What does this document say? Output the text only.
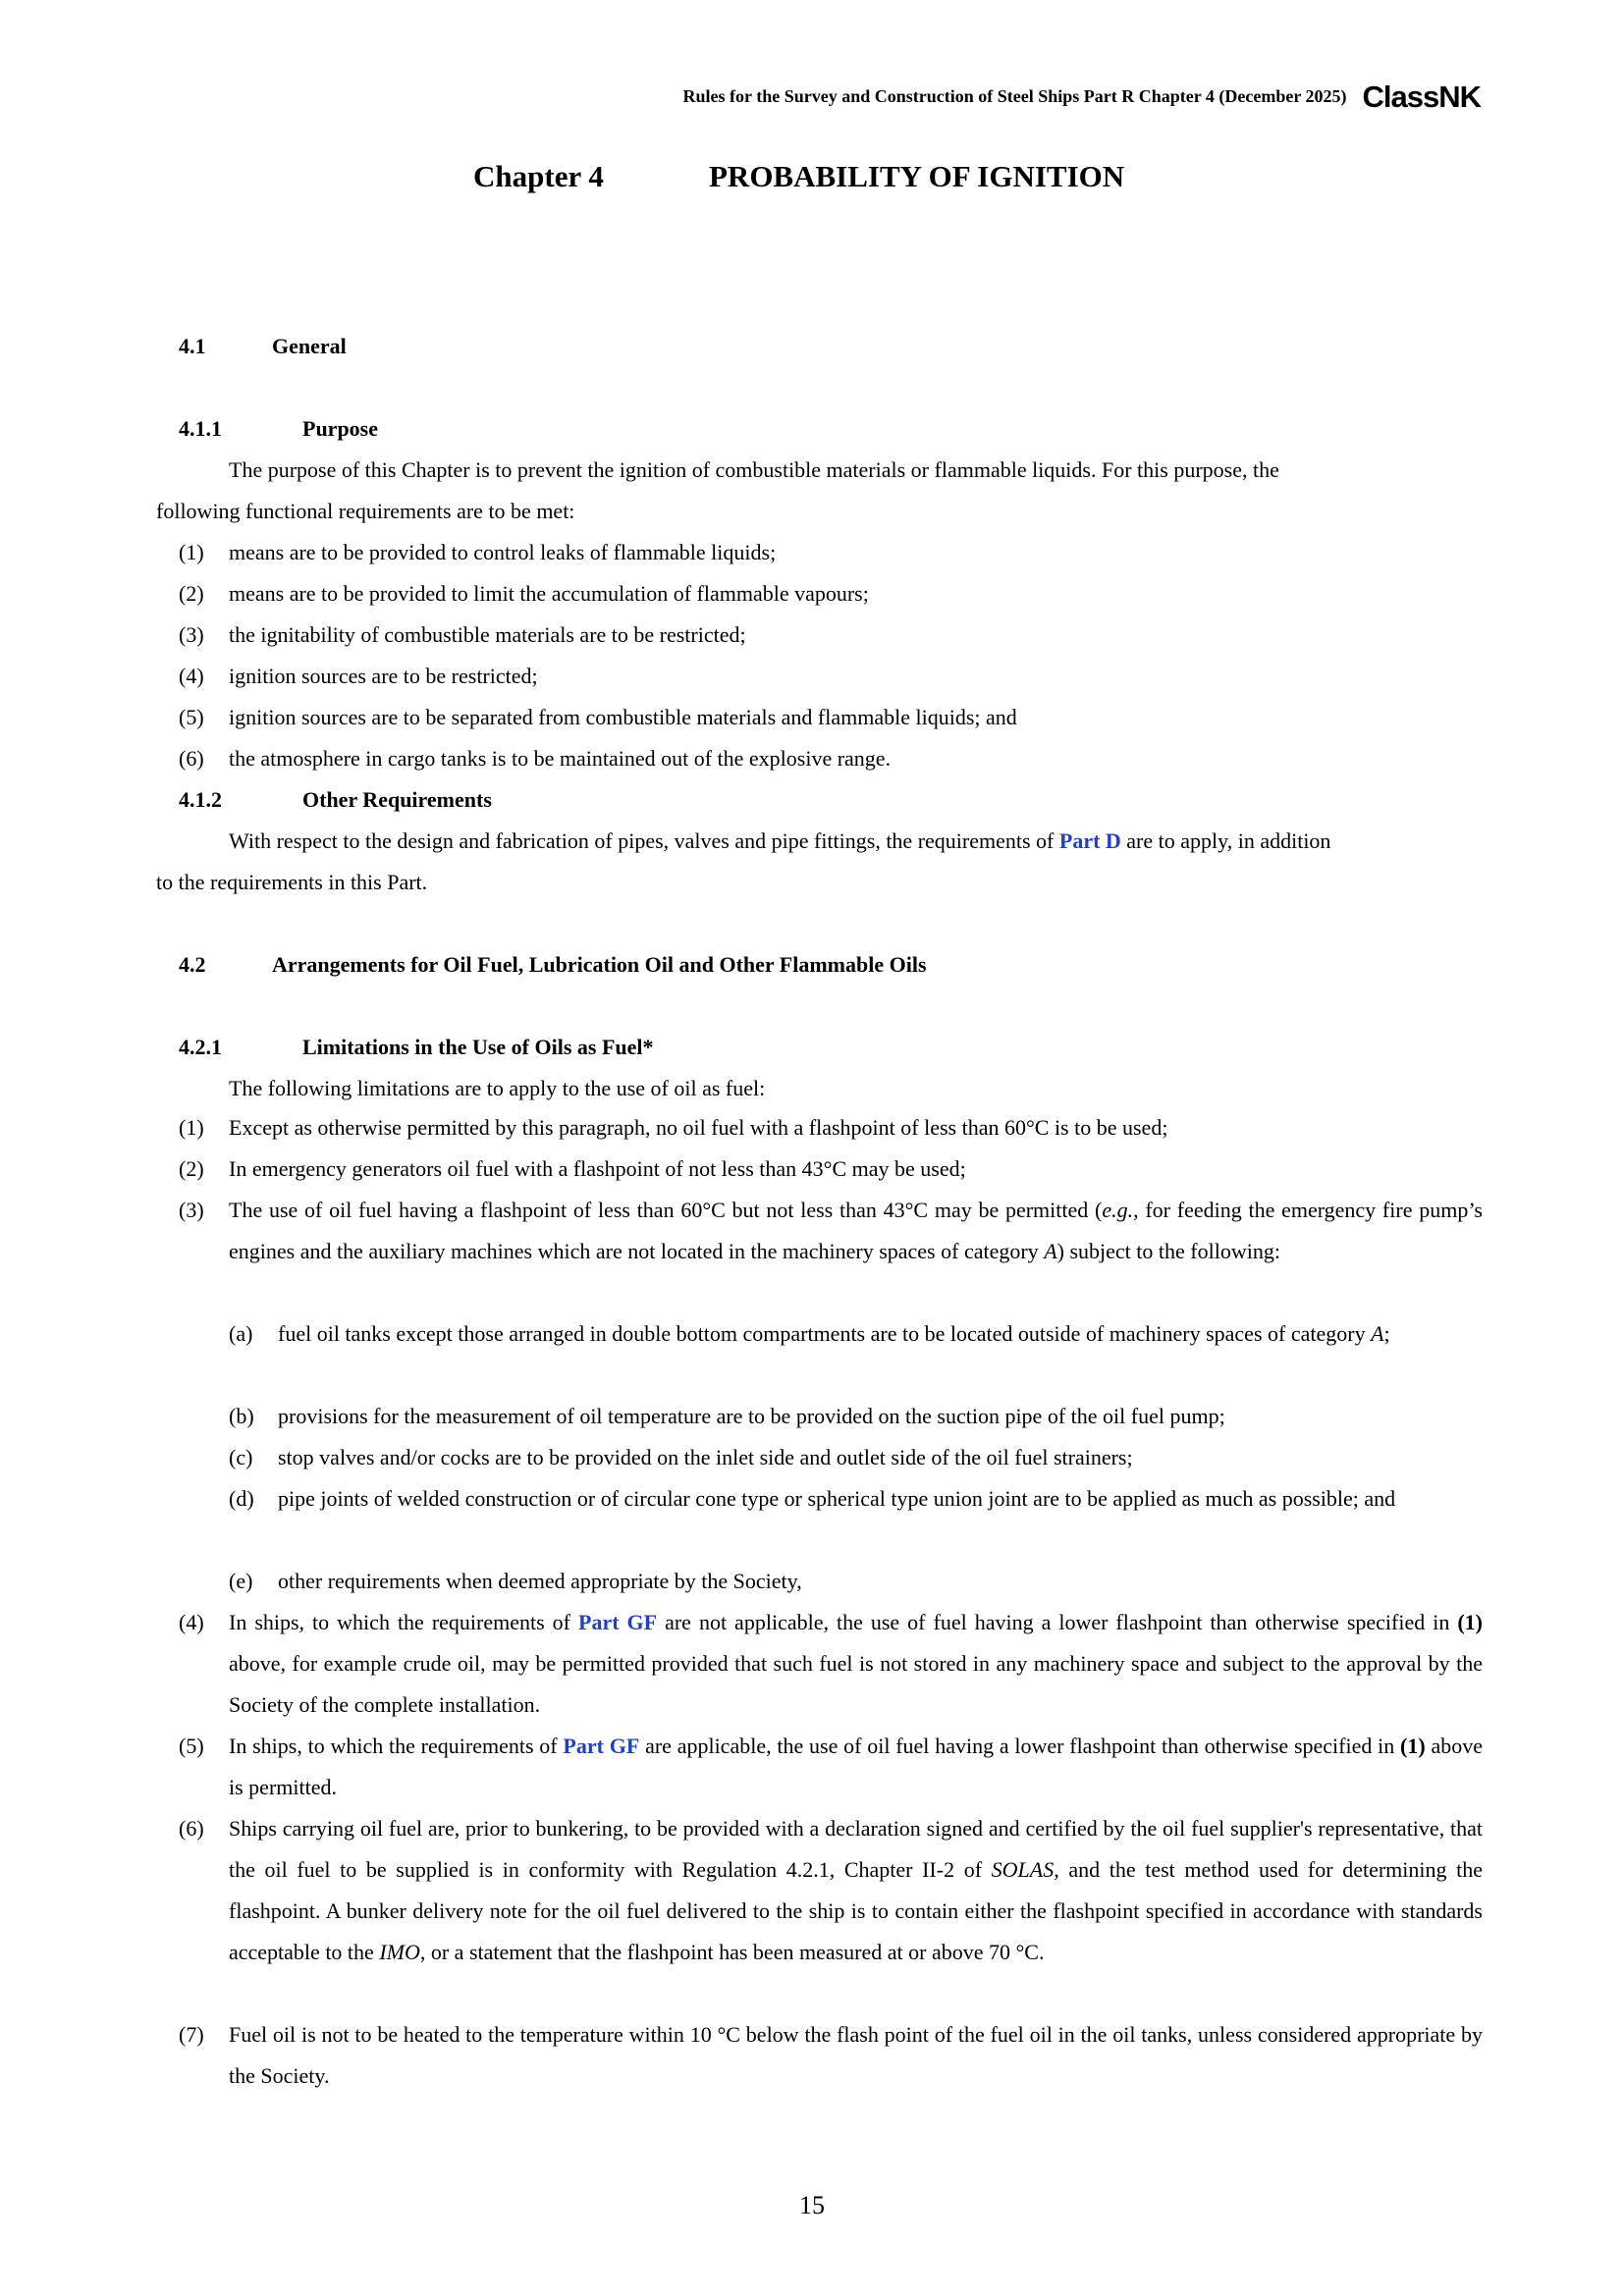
Rules for the Survey and Construction of Steel Ships Part R Chapter 4 (December 2025) ClassNK
Chapter 4	PROBABILITY OF IGNITION
4.1	General
4.1.1	Purpose
The purpose of this Chapter is to prevent the ignition of combustible materials or flammable liquids. For this purpose, the
following functional requirements are to be met:
(1) means are to be provided to control leaks of flammable liquids;
(2) means are to be provided to limit the accumulation of flammable vapours;
(3) the ignitability of combustible materials are to be restricted;
(4) ignition sources are to be restricted;
(5) ignition sources are to be separated from combustible materials and flammable liquids; and
(6) the atmosphere in cargo tanks is to be maintained out of the explosive range.
4.1.2	Other Requirements
With respect to the design and fabrication of pipes, valves and pipe fittings, the requirements of Part D are to apply, in addition
to the requirements in this Part.
4.2	Arrangements for Oil Fuel, Lubrication Oil and Other Flammable Oils
4.2.1	Limitations in the Use of Oils as Fuel*
The following limitations are to apply to the use of oil as fuel:
(1) Except as otherwise permitted by this paragraph, no oil fuel with a flashpoint of less than 60°C is to be used;
(2) In emergency generators oil fuel with a flashpoint of not less than 43°C may be used;
(3) The use of oil fuel having a flashpoint of less than 60°C but not less than 43°C may be permitted (e.g., for feeding the emergency fire pump’s engines and the auxiliary machines which are not located in the machinery spaces of category A) subject to the following:
(a) fuel oil tanks except those arranged in double bottom compartments are to be located outside of machinery spaces of category A;
(b) provisions for the measurement of oil temperature are to be provided on the suction pipe of the oil fuel pump;
(c) stop valves and/or cocks are to be provided on the inlet side and outlet side of the oil fuel strainers;
(d) pipe joints of welded construction or of circular cone type or spherical type union joint are to be applied as much as possible; and
(e) other requirements when deemed appropriate by the Society,
(4) In ships, to which the requirements of Part GF are not applicable, the use of fuel having a lower flashpoint than otherwise specified in (1) above, for example crude oil, may be permitted provided that such fuel is not stored in any machinery space and subject to the approval by the Society of the complete installation.
(5) In ships, to which the requirements of Part GF are applicable, the use of oil fuel having a lower flashpoint than otherwise specified in (1) above is permitted.
(6) Ships carrying oil fuel are, prior to bunkering, to be provided with a declaration signed and certified by the oil fuel supplier's representative, that the oil fuel to be supplied is in conformity with Regulation 4.2.1, Chapter II-2 of SOLAS, and the test method used for determining the flashpoint. A bunker delivery note for the oil fuel delivered to the ship is to contain either the flashpoint specified in accordance with standards acceptable to the IMO, or a statement that the flashpoint has been measured at or above 70 °C.
(7) Fuel oil is not to be heated to the temperature within 10 °C below the flash point of the fuel oil in the oil tanks, unless considered appropriate by the Society.
15
